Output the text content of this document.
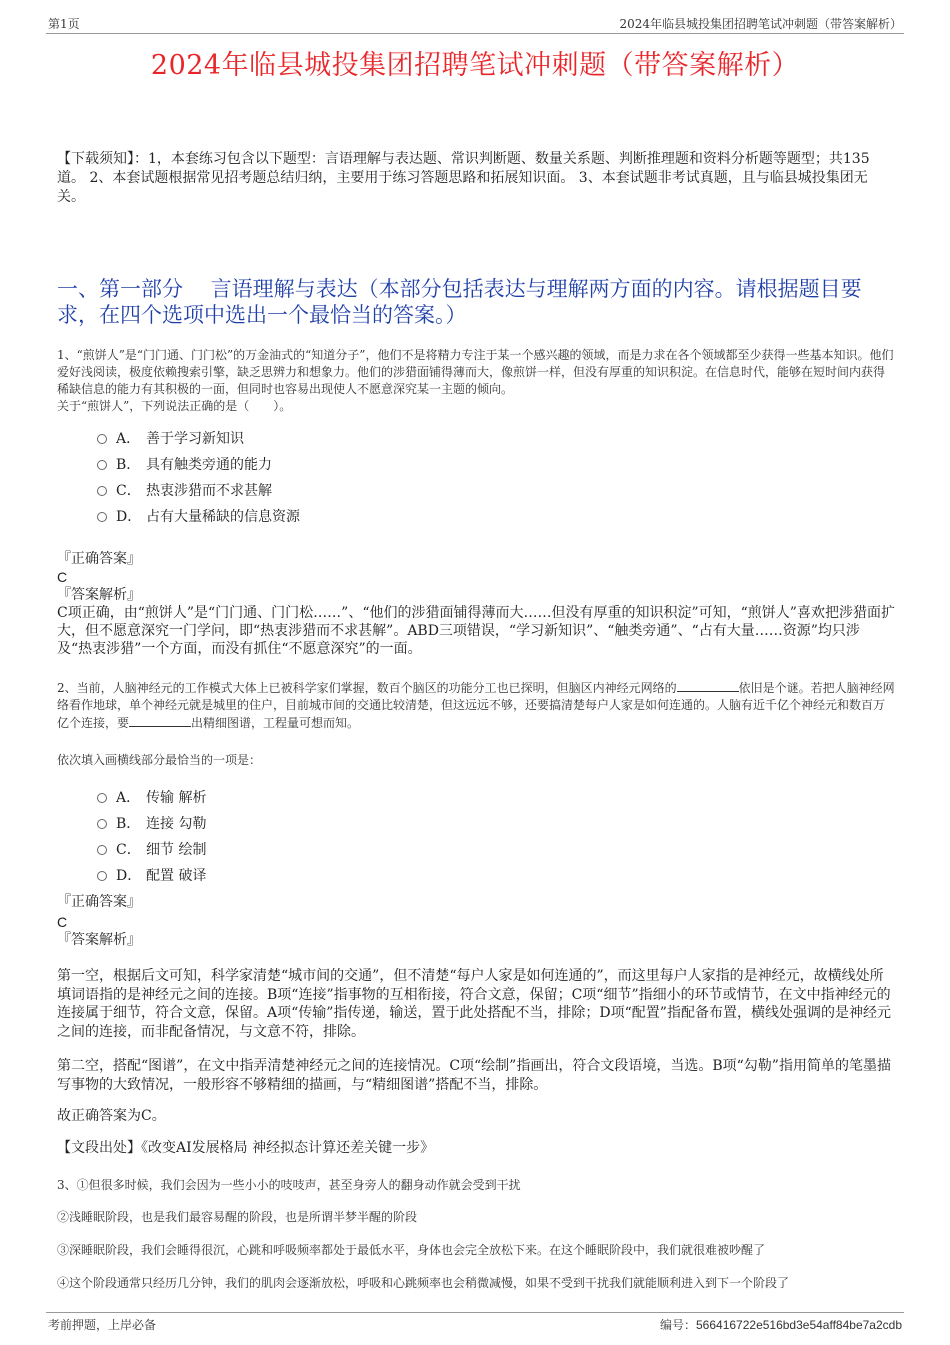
第1页	2024年临县城投集团招聘笔试冲刺题（带答案解析）
2024年临县城投集团招聘笔试冲刺题（带答案解析）
【下载须知】：1，本套练习包含以下题型：言语理解与表达题、常识判断题、数量关系题、判断推理题和资料分析题等题型；共135道。 2、本套试题根据常见招考题总结归纳，主要用于练习答题思路和拓展知识面。 3、本套试题非考试真题，且与临县城投集团无关。
一、第一部分　 言语理解与表达（本部分包括表达与理解两方面的内容。请根据题目要求，在四个选项中选出一个最恰当的答案。）
1、“煎饼人”是“门门通、门门松”的万金油式的“知道分子”，他们不是将精力专注于某一个感兴趣的领域，而是力求在各个领域都至少获得一些基本知识。他们爱好浅阅读，极度依赖搜索引擎，缺乏思辨力和想象力。他们的涉猎面铺得薄而大，像煎饼一样，但没有厚重的知识积淀。在信息时代，能够在短时间内获得稀缺信息的能力有其积极的一面，但同时也容易出现使人不愿意深究某一主题的倾向。
关于“煎饼人”，下列说法正确的是（　　）。
A． 善于学习新知识
B． 具有触类旁通的能力
C． 热衷涉猎而不求甚解
D． 占有大量稀缺的信息资源
『正确答案』
C
『答案解析』
C项正确，由“煎饼人”是“门门通、门门松……”、“他们的涉猎面铺得薄而大……但没有厚重的知识积淀”可知，“煎饼人”喜欢把涉猎面扩大，但不愿意深究一门学问，即“热衷涉猎而不求甚解”。ABD三项错误，“学习新知识”、“触类旁通”、“占有大量……资源”均只涉及“热衷涉猎”一个方面，而没有抓住“不愿意深究”的一面。
2、当前，人脑神经元的工作模式大体上已被科学家们掌握，数百个脑区的功能分工也已探明，但脑区内神经元网络的	依旧是个谜。若把人脑神经网络看作地球，单个神经元就是城里的住户，目前城市间的交通比较清楚，但这远远不够，还要搞清楚每户人家是如何连通的。人脑有近千亿个神经元和数百万亿个连接，要	出精细图谱，工程量可想而知。
依次填入画横线部分最恰当的一项是：
A． 传输 解析
B． 连接 勾勒
C． 细节 绘制
D． 配置 破译
『正确答案』
C
『答案解析』
第一空，根据后文可知，科学家清楚“城市间的交通”，但不清楚“每户人家是如何连通的”，而这里每户人家指的是神经元，故横线处所填词语指的是神经元之间的连接。B项“连接”指事物的互相衔接，符合文意，保留；C项“细节”指细小的环节或情节，在文中指神经元的连接属于细节，符合文意，保留。A项“传输”指传递，输送，置于此处搭配不当，排除；D项“配置”指配备布置，横线处强调的是神经元之间的连接，而非配备情况，与文意不符，排除。
第二空，搭配“图谱”，在文中指弄清楚神经元之间的连接情况。C项“绘制”指画出，符合文段语境，当选。B项“勾勒”指用简单的笔墨描写事物的大致情况，一般形容不够精细的描画，与“精细图谱”搭配不当，排除。
故正确答案为C。
【文段出处】《改变AI发展格局 神经拟态计算还差关键一步》
3、①但很多时候，我们会因为一些小小的吱吱声，甚至身旁人的翻身动作就会受到干扰
②浅睡眠阶段，也是我们最容易醒的阶段，也是所谓半梦半醒的阶段
③深睡眠阶段，我们会睡得很沉，心跳和呼吸频率都处于最低水平，身体也会完全放松下来。在这个睡眠阶段中，我们就很难被吵醒了
④这个阶段通常只经历几分钟，我们的肌肉会逐渐放松，呼吸和心跳频率也会稍微减慢，如果不受到干扰我们就能顺利进入到下一个阶段了
考前押题，上岸必备	编号：566416722e516bd3e54aff84be7a2cdb
